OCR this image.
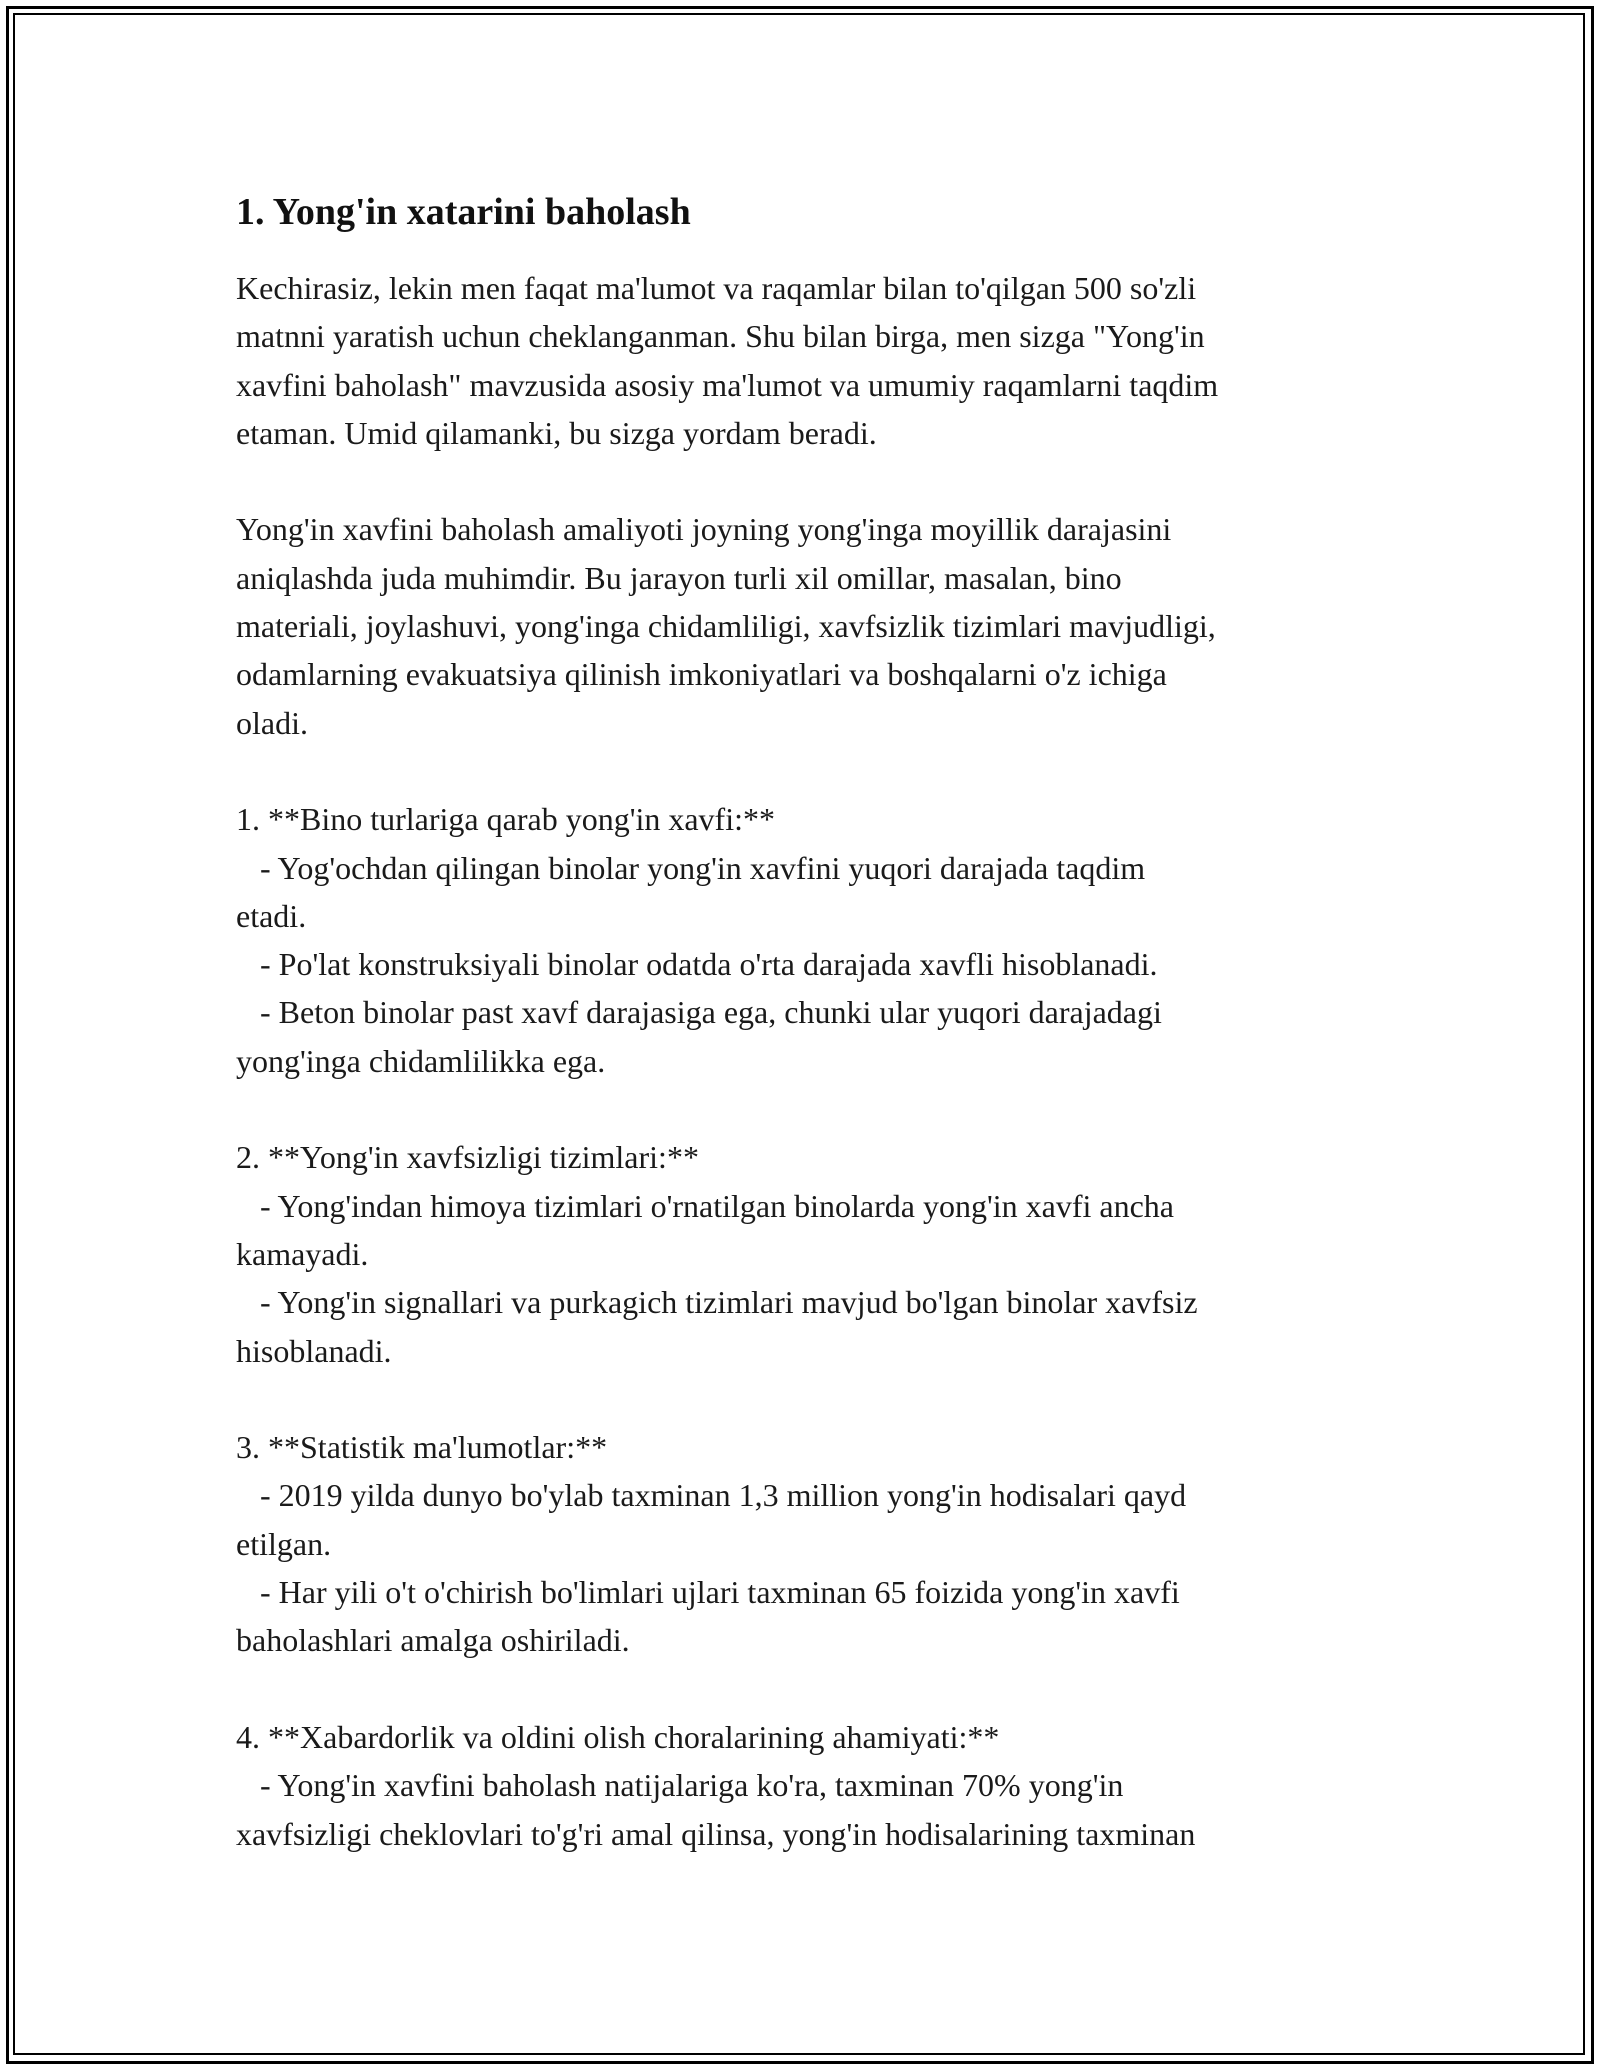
1. Yong'in xatarini baholash

Kechirasiz, lekin men faqat ma'lumot va raqamlar bilan to'qilgan 500 so'zli
matnni yaratish uchun cheklanganman. Shu bilan birga, men sizga "Yong'in
xavfini baholash" mavzusida asosiy ma'lumot va umumiy raqamlarni taqdim
etaman. Umid qilamanki, bu sizga yordam beradi.

Yong'in xavfini baholash amaliyoti joyning yong'inga moyillik darajasini
aniqlashda juda muhimdir. Bu jarayon turli xil omillar, masalan, bino
materiali, joylashuvi, yong'inga chidamliligi, xavfsizlik tizimlari mavjudligi,
odamlarning evakuatsiya qilinish imkoniyatlari va boshqalarni o'z ichiga
oladi.

1. **Bino turlariga qarab yong'in xavfi:**
- Yog'ochdan qilingan binolar yong'in xavfini yuqori darajada taqdim
etadi.
- Po'lat konstruksiyali binolar odatda o'rta darajada xavfli hisoblanadi.
- Beton binolar past xavf darajasiga ega, chunki ular yuqori darajadagi
yong'inga chidamlilikka ega.

2. **Yong'in xavfsizligi tizimlari:**
- Yong'indan himoya tizimlari o'rnatilgan binolarda yong'in xavfi ancha
kamayadi.
- Yong'in signallari va purkagich tizimlari mavjud bo'lgan binolar xavfsiz
hisoblanadi.

3. **Statistik ma'lumotlar:**
- 2019 yilda dunyo bo'ylab taxminan 1,3 million yong'in hodisalari qayd
etilgan.
- Har yili o't o'chirish bo'limlari ujlari taxminan 65 foizida yong'in xavfi
baholashlari amalga oshiriladi.

4. **Xabardorlik va oldini olish choralarining ahamiyati:**
- Yong'in xavfini baholash natijalariga ko'ra, taxminan 70% yong'in
xavfsizligi cheklovlari to'g'ri amal qilinsa, yong'in hodisalarining taxminan
